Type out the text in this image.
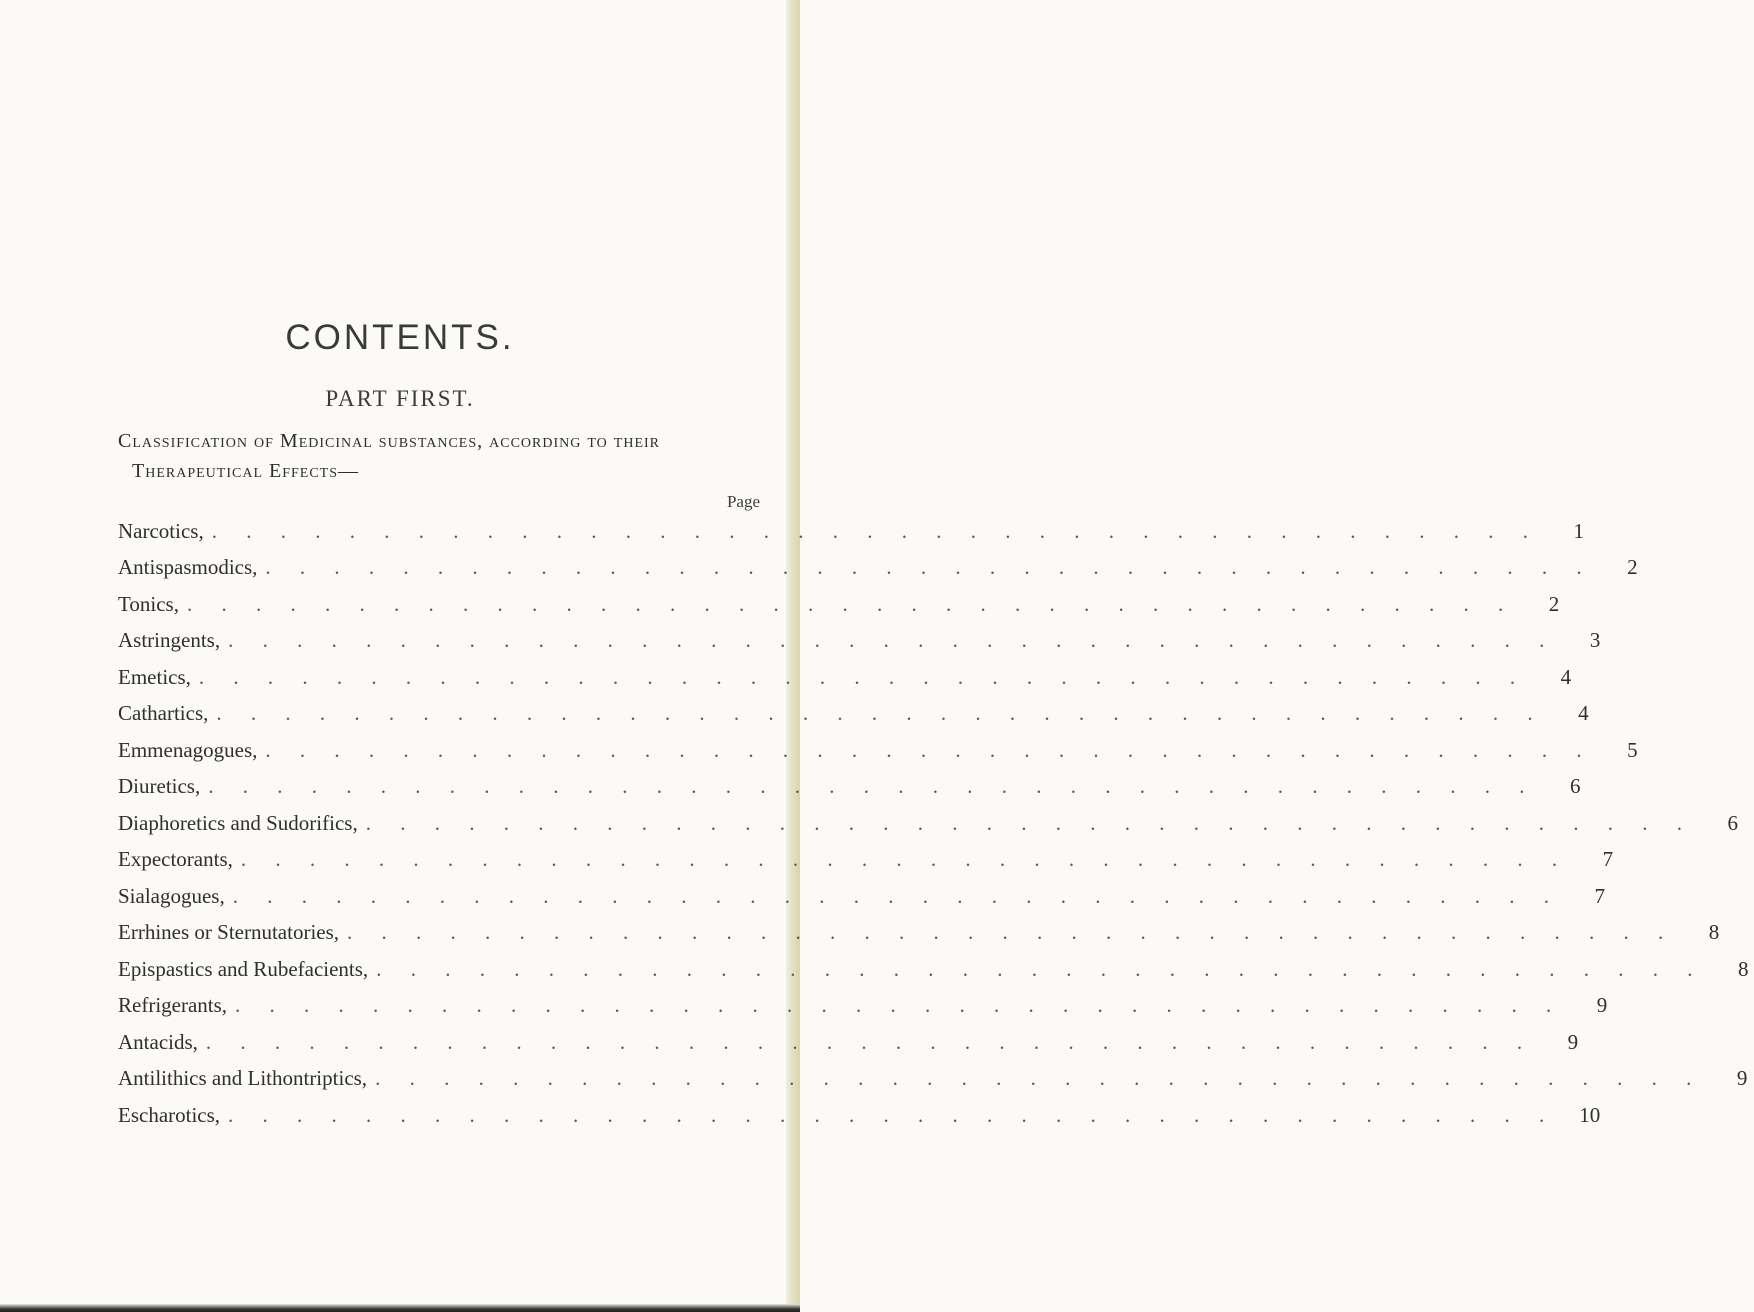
CONTENTS.
PART FIRST.
Classification of Medicinal substances, according to their Therapeutical Effects—
Page
Narcotics, . . . . . . . . . . . . . . . . . . . . . . . . . . . . . . . . . . . . . . .	1
Antispasmodics, . . . . . . . . . . . . . . . . . . . . . . . . . . . . . . . . . . . . . . .	2
Tonics, . . . . . . . . . . . . . . . . . . . . . . . . . . . . . . . . . . . . . . .	2
Astringents, . . . . . . . . . . . . . . . . . . . . . . . . . . . . . . . . . . . . . . .	3
Emetics, . . . . . . . . . . . . . . . . . . . . . . . . . . . . . . . . . . . . . . .	4
Cathartics, . . . . . . . . . . . . . . . . . . . . . . . . . . . . . . . . . . . . . . .	4
Emmenagogues, . . . . . . . . . . . . . . . . . . . . . . . . . . . . . . . . . . . . . . .	5
Diuretics, . . . . . . . . . . . . . . . . . . . . . . . . . . . . . . . . . . . . . . .	6
Diaphoretics and Sudorifics, . . . . . . . . . . . . . . . . . . . . . . . . . . . . . . . . . . . . . . .	6
Expectorants, . . . . . . . . . . . . . . . . . . . . . . . . . . . . . . . . . . . . . . .	7
Sialagogues, . . . . . . . . . . . . . . . . . . . . . . . . . . . . . . . . . . . . . . .	7
Errhines or Sternutatories, . . . . . . . . . . . . . . . . . . . . . . . . . . . . . . . . . . . . . . .	8
Epispastics and Rubefacients, . . . . . . . . . . . . . . . . . . . . . . . . . . . . . . . . . . . . . . .	8
Refrigerants, . . . . . . . . . . . . . . . . . . . . . . . . . . . . . . . . . . . . . . .	9
Antacids, . . . . . . . . . . . . . . . . . . . . . . . . . . . . . . . . . . . . . . .	9
Antilithics and Lithontriptics, . . . . . . . . . . . . . . . . . . . . . . . . . . . . . . . . . . . . . . .	9
Escharotics, . . . . . . . . . . . . . . . . . . . . . . . . . . . . . . . . . . . . . . .	10
